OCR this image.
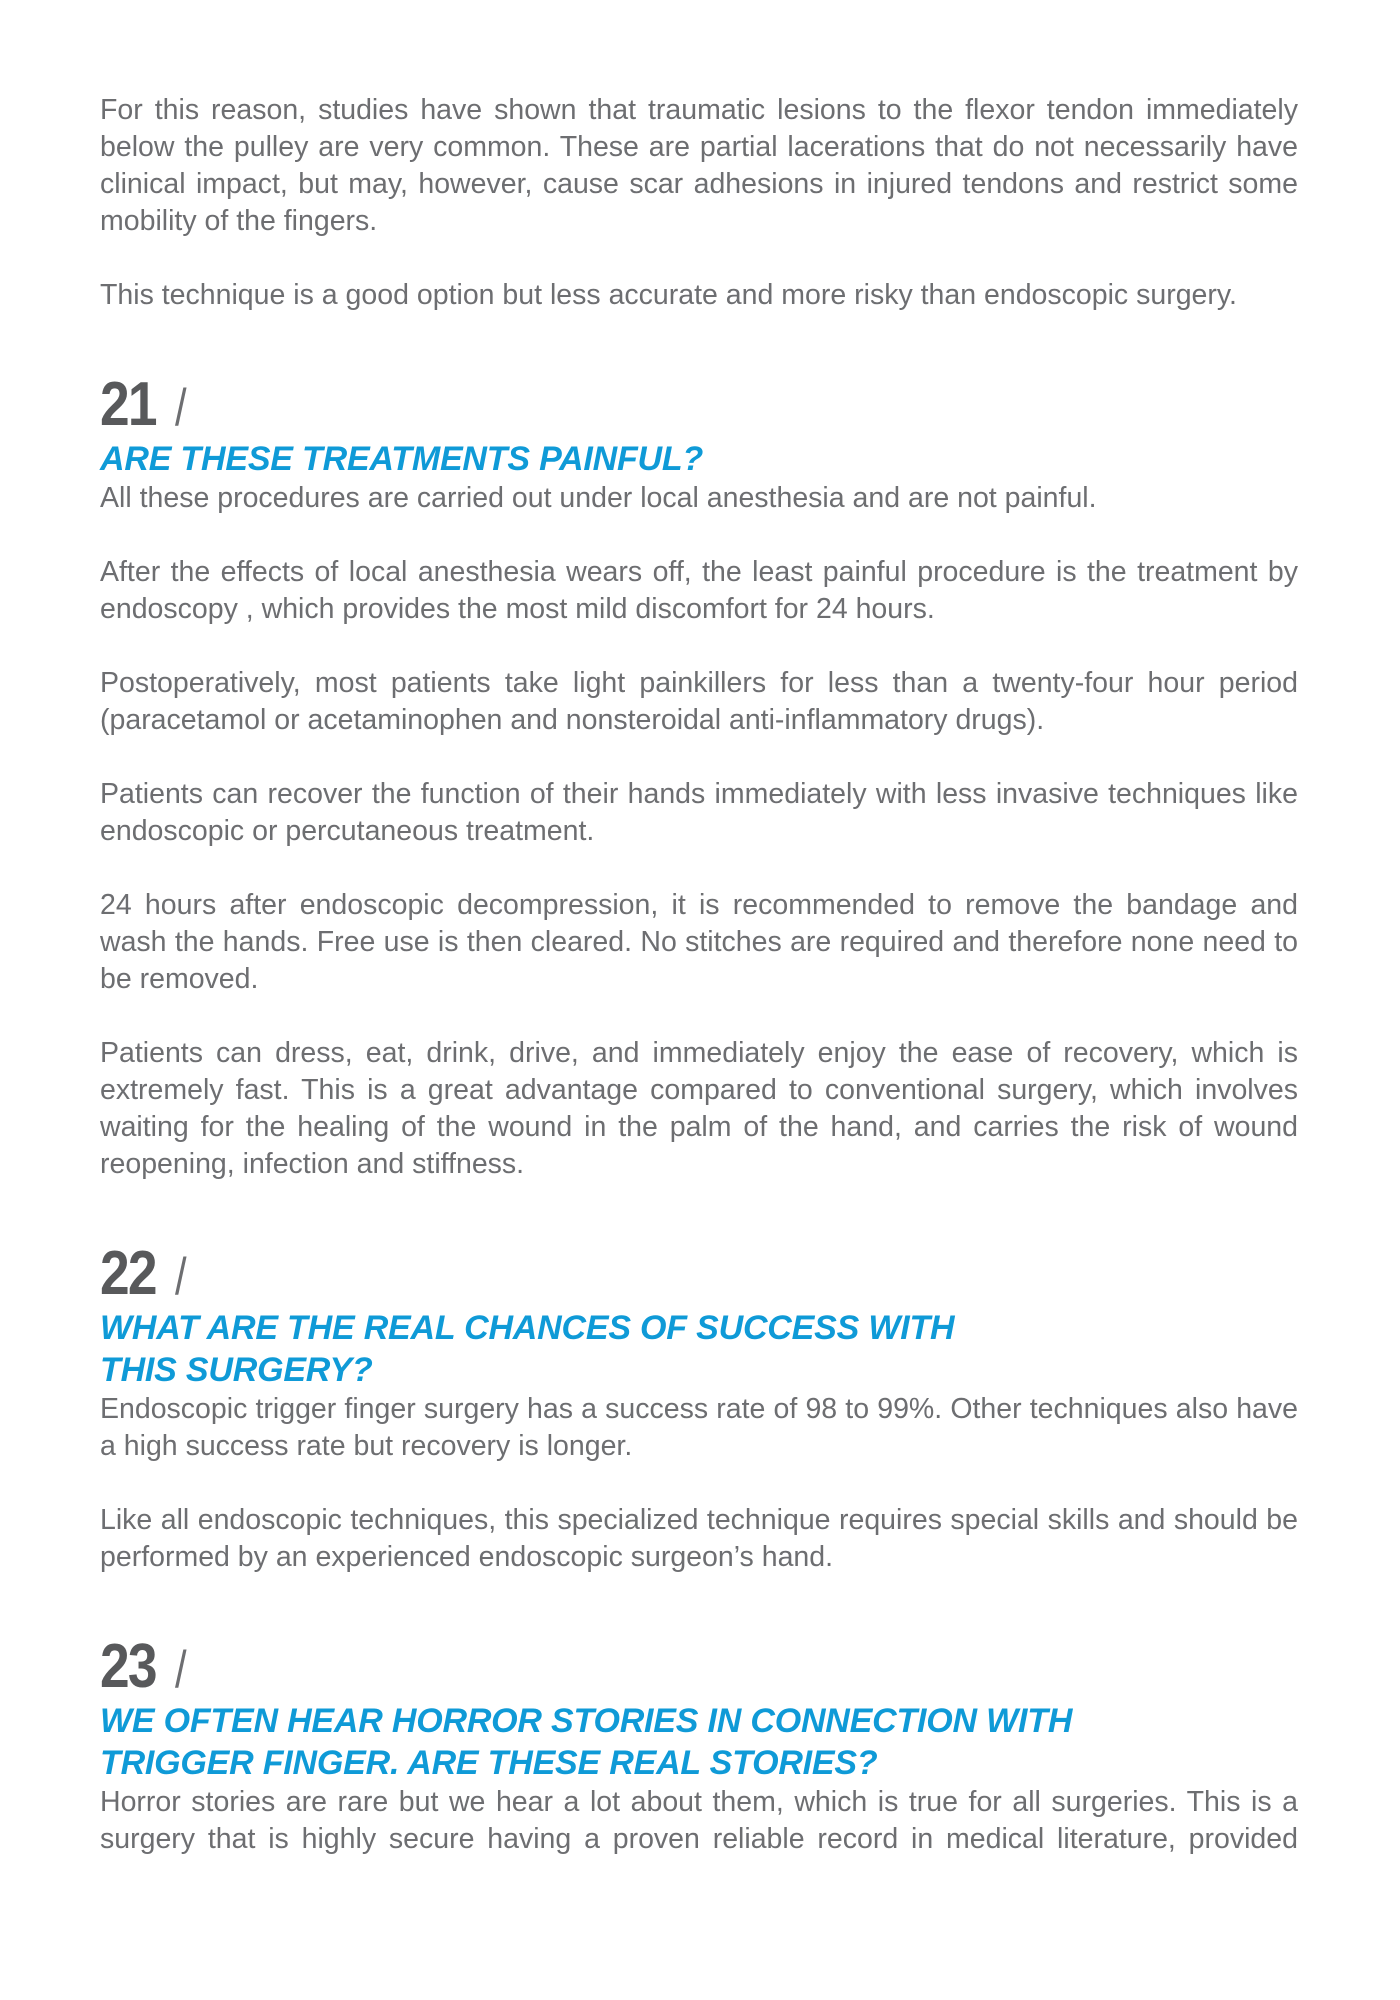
For this reason, studies have shown that traumatic lesions to the flexor tendon immediately below the pulley are very common. These are partial lacerations that do not necessarily have clinical impact, but may, however, cause scar adhesions in injured tendons and restrict some mobility of the fingers.

This technique is a good option but less accurate and more risky than endoscopic surgery.

21 /
ARE THESE TREATMENTS PAINFUL?

All these procedures are carried out under local anesthesia and are not painful.

After the effects of local anesthesia wears off, the least painful procedure is the treatment by endoscopy , which provides the most mild discomfort for 24 hours.

Postoperatively, most patients take light painkillers for less than a twenty-four hour period (paracetamol or acetaminophen and nonsteroidal anti-inflammatory drugs).

Patients can recover the function of their hands immediately with less invasive techniques like endoscopic or percutaneous treatment.

24 hours after endoscopic decompression, it is recommended to remove the bandage and wash the hands. Free use is then cleared. No stitches are required and therefore none need to be removed.

Patients can dress, eat, drink, drive, and immediately enjoy the ease of recovery, which is extremely fast. This is a great advantage compared to conventional surgery, which involves waiting for the healing of the wound in the palm of the hand, and carries the risk of wound reopening, infection and stiffness.

22 /
WHAT ARE THE REAL CHANCES OF SUCCESS WITH
THIS SURGERY?

Endoscopic trigger finger surgery has a success rate of 98 to 99%. Other techniques also have a high success rate but recovery is longer.

Like all endoscopic techniques, this specialized technique requires special skills and should be performed by an experienced endoscopic surgeon’s hand.

23 /
WE OFTEN HEAR HORROR STORIES IN CONNECTION WITH
TRIGGER FINGER. ARE THESE REAL STORIES?

Horror stories are rare but we hear a lot about them, which is true for all surgeries. This is a surgery that is highly secure having a proven reliable record in medical literature, provided
